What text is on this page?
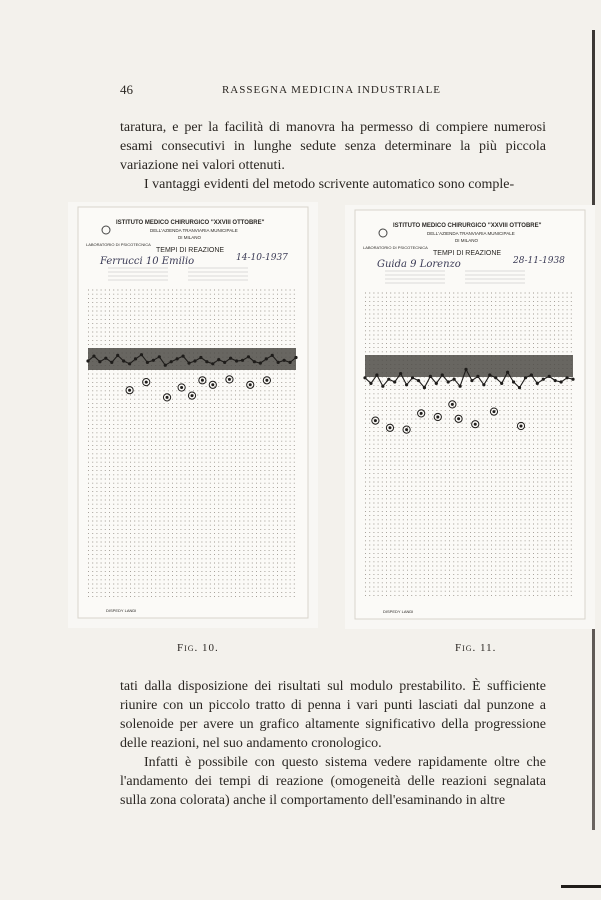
46	RASSEGNA MEDICINA INDUSTRIALE

taratura, e per la facilità di manovra ha permesso di compiere numerosi esami consecutivi in lunghe sedute senza determinare la più piccola variazione nei valori ottenuti.

I vantaggi evidenti del metodo scrivente automatico sono comple-

ISTITUTO MEDICO CHIRURGICO "XXVIII OTTOBRE"
DELL'AZIENDA TRANVIARIA MUNICIPALE
DI MILANO
LABORATORIO DI PSICOTECNICA
TEMPI DI REAZIONE
Ferrucci 10 Emilio	14-10-1937
DISPEDY LANDI
Fig. 10.
ISTITUTO MEDICO CHIRURGICO "XXVIII OTTOBRE"
DELL'AZIENDA TRANVIARIA MUNICIPALE
DI MILANO
LABORATORIO DI PSICOTECNICA
TEMPI DI REAZIONE
Guida 9 Lorenzo	28-11-1938
DISPEDY LANDI
Fig. 11.

tati dalla disposizione dei risultati sul modulo prestabilito. È sufficiente riunire con un piccolo tratto di penna i vari punti lasciati dal punzone a solenoide per avere un grafico altamente significativo della progressione delle reazioni, nel suo andamento cronologico.

Infatti è possibile con questo sistema vedere rapidamente oltre che l'andamento dei tempi di reazione (omogeneità delle reazioni segnalata sulla zona colorata) anche il comportamento dell'esaminando in altre
